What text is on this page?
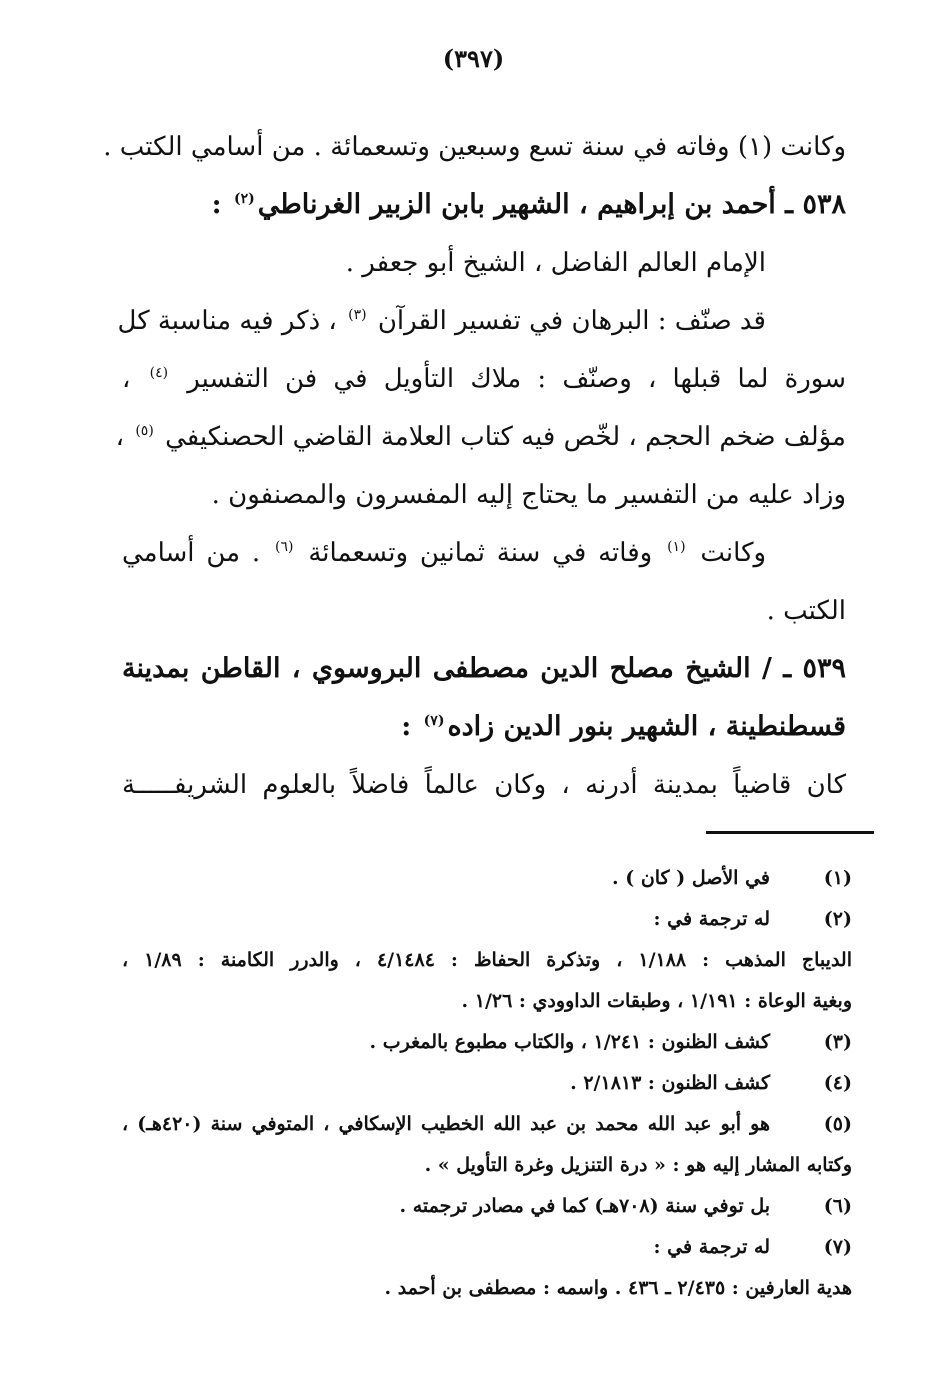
(٣٩٧)
وكانت (١) وفاته في سنة تسع وسبعين وتسعمائة . من أسامي الكتب .
٥٣٨ ـ أحمد بن إبراهيم ، الشهير بابن الزبير الغرناطي$^{(٢)}$ :
الإمام العالم الفاضل ، الشيخ أبو جعفر .
قد صنّف : البرهان في تفسير القرآن $^{(٣)}$ ، ذكر فيه مناسبة كل
سورة لما قبلها ، وصنّف : ملاك التأويل في فن التفسير $^{(٤)}$ ،
مؤلف ضخم الحجم ، لخّص فيه كتاب العلامة القاضي الحصنكيفي $^{(٥)}$ ،
وزاد عليه من التفسير ما يحتاج إليه المفسرون والمصنفون .
وكانت $^{(١)}$ وفاته في سنة ثمانين وتسعمائة $^{(٦)}$ . من أسامي
الكتب .
٥٣٩ ـ / الشيخ مصلح الدين مصطفى البروسوي ، القاطن بمدينة
قسطنطينة ، الشهير بنور الدين زاده$^{(٧)}$ :
كان قاضياً بمدينة أدرنه ، وكان عالماً فاضلاً بالعلوم الشريفـــــة
(١)
في الأصل ( كان ) .
(٢)
له ترجمة في :
الديباج المذهب : ١/١٨٨ ، وتذكرة الحفاظ : ٤/١٤٨٤ ، والدرر الكامنة : ١/٨٩ ،
وبغية الوعاة : ١/١٩١ ، وطبقات الداوودي : ١/٢٦ .
(٣)
كشف الظنون : ١/٢٤١ ، والكتاب مطبوع بالمغرب .
(٤)
كشف الظنون : ٢/١٨١٣ .
(٥)
هو أبو عبد الله محمد بن عبد الله الخطيب الإسكافي ، المتوفي سنة (٤٢٠هـ) ،
وكتابه المشار إليه هو : « درة التنزيل وغرة التأويل » .
(٦)
بل توفي سنة (٧٠٨هـ) كما في مصادر ترجمته .
(٧)
له ترجمة في :
هدية العارفين : ٢/٤٣٥ ـ ٤٣٦ . واسمه : مصطفى بن أحمد .
